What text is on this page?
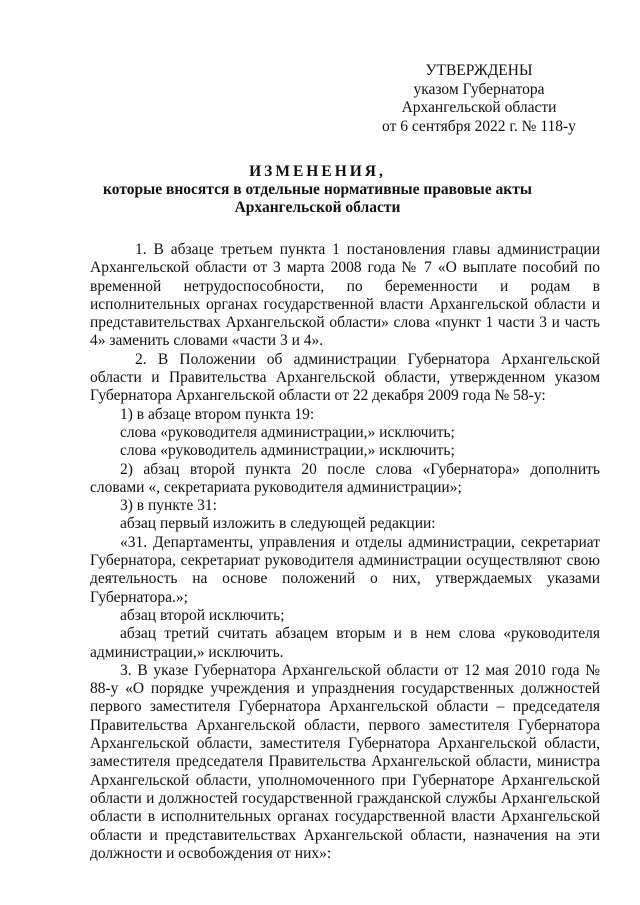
УТВЕРЖДЕНЫ
указом Губернатора
Архангельской области
от 6 сентября 2022 г. № 118-у
ИЗМЕНЕНИЯ,
которые вносятся в отдельные нормативные правовые акты
Архангельской области

1. В абзаце третьем пункта 1 постановления главы администрации Архангельской области от 3 марта 2008 года № 7 «О выплате пособий по временной нетрудоспособности, по беременности и родам в исполнительных органах государственной власти Архангельской области и представительствах Архангельской области» слова «пункт 1 части 3 и часть 4» заменить словами «части 3 и 4».

2. В Положении об администрации Губернатора Архангельской области и Правительства Архангельской области, утвержденном указом Губернатора Архангельской области от 22 декабря 2009 года № 58-у:

1) в абзаце втором пункта 19:

слова «руководителя администрации,» исключить;

слова «руководитель администрации,» исключить;

2) абзац второй пункта 20 после слова «Губернатора» дополнить словами «, секретариата руководителя администрации»;

3) в пункте 31:

абзац первый изложить в следующей редакции:

«31. Департаменты, управления и отделы администрации, секретариат Губернатора, секретариат руководителя администрации осуществляют свою деятельность на основе положений о них, утверждаемых указами Губернатора.»;

абзац второй исключить;

абзац третий считать абзацем вторым и в нем слова «руководителя администрации,» исключить.

3. В указе Губернатора Архангельской области от 12 мая 2010 года № 88-у «О порядке учреждения и упразднения государственных должностей первого заместителя Губернатора Архангельской области – председателя Правительства Архангельской области, первого заместителя Губернатора Архангельской области, заместителя Губернатора Архангельской области, заместителя председателя Правительства Архангельской области, министра Архангельской области, уполномоченного при Губернаторе Архангельской области и должностей государственной гражданской службы Архангельской области в исполнительных органах государственной власти Архангельской области и представительствах Архангельской области, назначения на эти должности и освобождения от них»:
